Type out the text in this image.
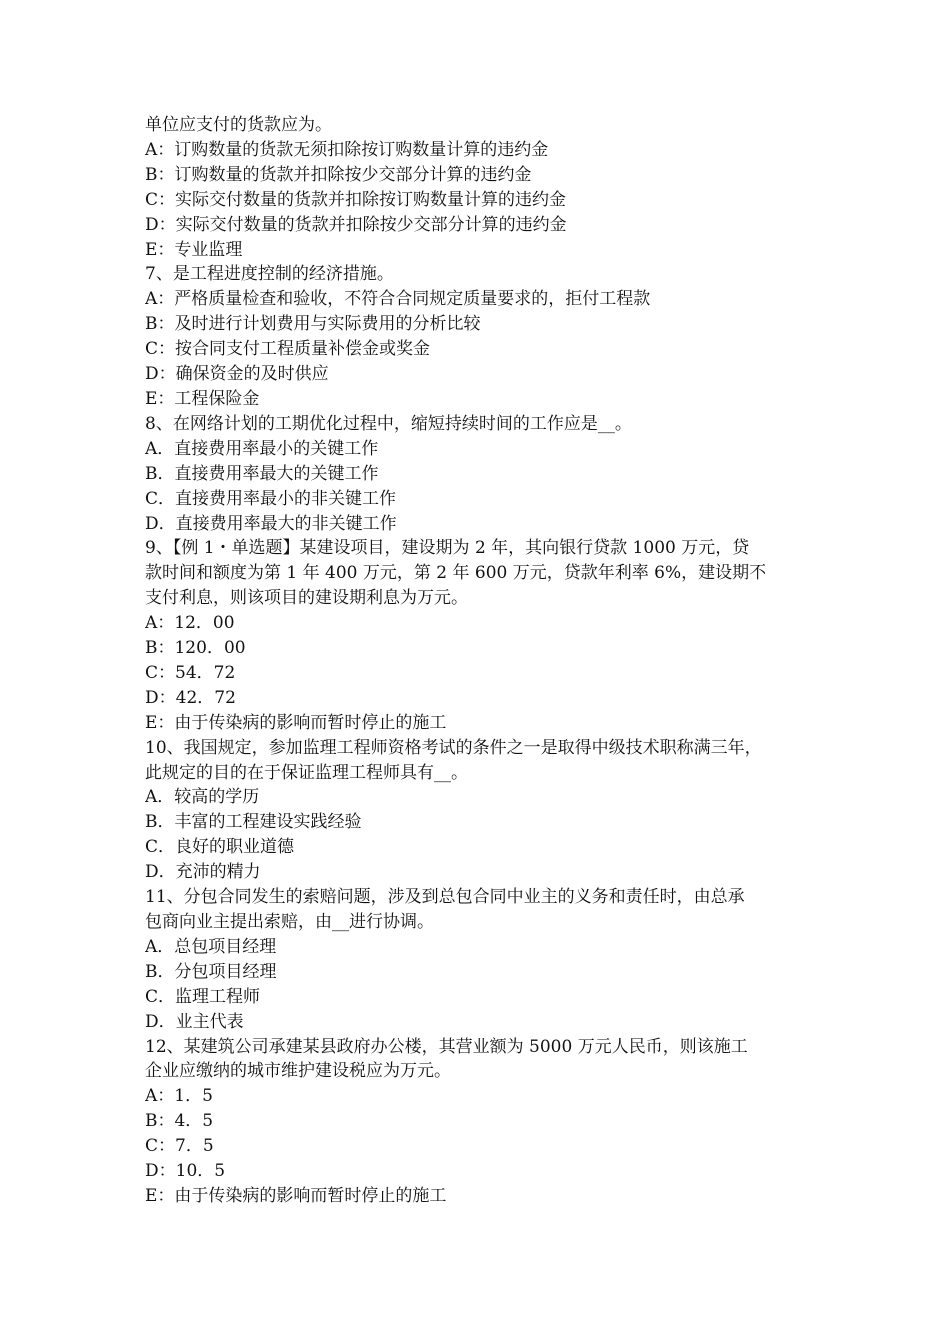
单位应支付的货款应为。
A：订购数量的货款无须扣除按订购数量计算的违约金
B：订购数量的货款并扣除按少交部分计算的违约金
C：实际交付数量的货款并扣除按订购数量计算的违约金
D：实际交付数量的货款并扣除按少交部分计算的违约金
E：专业监理
7、是工程进度控制的经济措施。
A：严格质量检查和验收，不符合合同规定质量要求的，拒付工程款
B：及时进行计划费用与实际费用的分析比较
C：按合同支付工程质量补偿金或奖金
D：确保资金的及时供应
E：工程保险金
8、在网络计划的工期优化过程中，缩短持续时间的工作应是__。
A．直接费用率最小的关键工作
B．直接费用率最大的关键工作
C．直接费用率最小的非关键工作
D．直接费用率最大的非关键工作
9、【例 1・单选题】某建设项目，建设期为 2 年，其向银行贷款 1000 万元，贷
款时间和额度为第 1 年 400 万元，第 2 年 600 万元，贷款年利率 6%，建设期不
支付利息，则该项目的建设期利息为万元。
A：12．00
B：120．00
C：54．72
D：42．72
E：由于传染病的影响而暂时停止的施工
10、我国规定，参加监理工程师资格考试的条件之一是取得中级技术职称满三年，
此规定的目的在于保证监理工程师具有__。
A．较高的学历
B．丰富的工程建设实践经验
C．良好的职业道德
D．充沛的精力
11、分包合同发生的索赔问题，涉及到总包合同中业主的义务和责任时，由总承
包商向业主提出索赔，由__进行协调。
A．总包项目经理
B．分包项目经理
C．监理工程师
D．业主代表
12、某建筑公司承建某县政府办公楼，其营业额为 5000 万元人民币，则该施工
企业应缴纳的城市维护建设税应为万元。
A：1．5
B：4．5
C：7．5
D：10．5
E：由于传染病的影响而暂时停止的施工
